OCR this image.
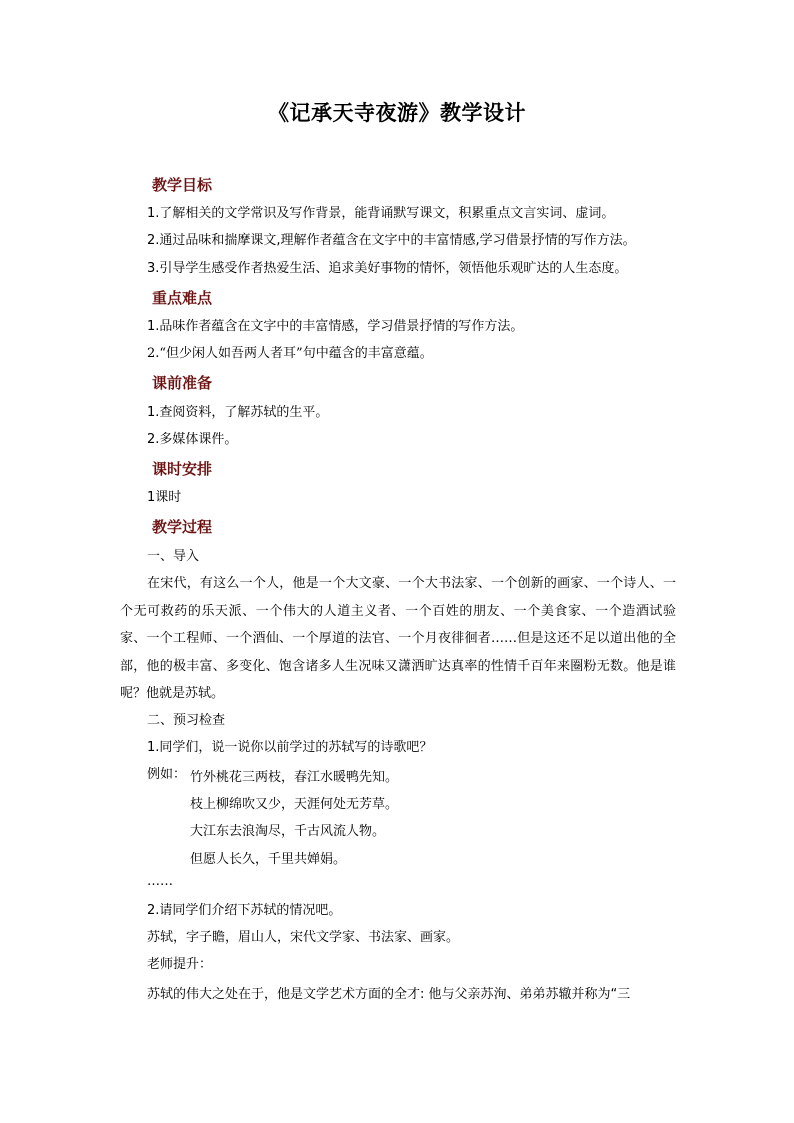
《记承天寺夜游》教学设计
教学目标
1.了解相关的文学常识及写作背景，能背诵默写课文，积累重点文言实词、虚词。
2.通过品味和揣摩课文,理解作者蕴含在文字中的丰富情感,学习借景抒情的写作方法。
3.引导学生感受作者热爱生活、追求美好事物的情怀，领悟他乐观旷达的人生态度。
重点难点
1.品味作者蕴含在文字中的丰富情感，学习借景抒情的写作方法。
2.“但少闲人如吾两人者耳”句中蕴含的丰富意蕴。
课前准备
1.查阅资料，了解苏轼的生平。
2.多媒体课件。
课时安排
1课时
教学过程
一、导入
在宋代，有这么一个人，他是一个大文豪、一个大书法家、一个创新的画家、一个诗人、一个无可救药的乐天派、一个伟大的人道主义者、一个百姓的朋友、一个美食家、一个造酒试验家、一个工程师、一个酒仙、一个厚道的法官、一个月夜徘徊者……但是这还不足以道出他的全部，他的极丰富、多变化、饱含诸多人生况味又潇洒旷达真率的性情千百年来圈粉无数。他是谁呢？他就是苏轼。
二、预习检查
1.同学们，说一说你以前学过的苏轼写的诗歌吧？
例如： 竹外桃花三两枝，春江水暖鸭先知。
枝上柳绵吹又少，天涯何处无芳草。
大江东去浪淘尽，千古风流人物。
但愿人长久，千里共婵娟。
……
2.请同学们介绍下苏轼的情况吧。
苏轼，字子瞻，眉山人，宋代文学家、书法家、画家。
老师提升：
苏轼的伟大之处在于，他是文学艺术方面的全才: 他与父亲苏洵、弟弟苏辙并称为“三
